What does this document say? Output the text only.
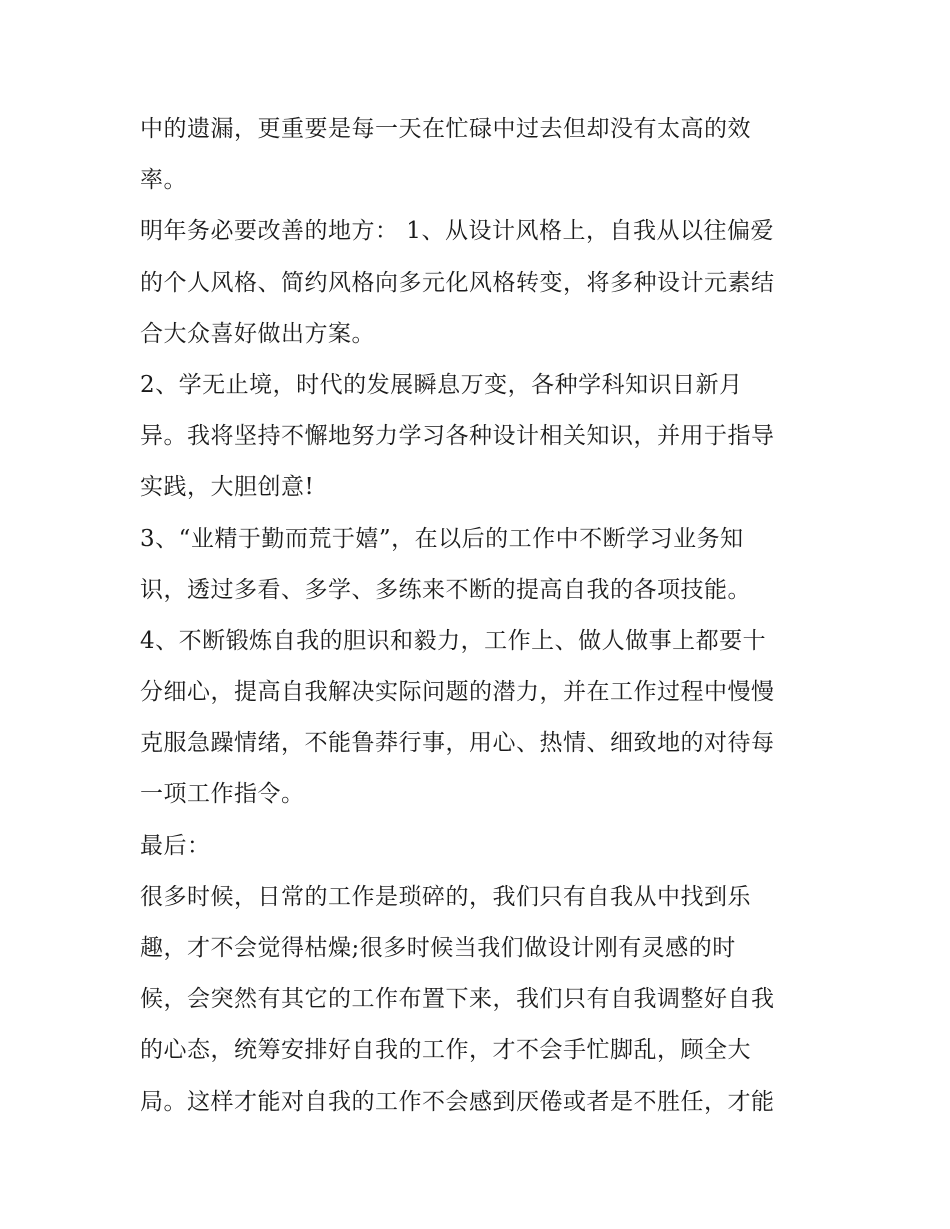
中的遗漏，更重要是每一天在忙碌中过去但却没有太高的效
率。
明年务必要改善的地方： 1、从设计风格上，自我从以往偏爱
的个人风格、简约风格向多元化风格转变，将多种设计元素结
合大众喜好做出方案。
2、学无止境，时代的发展瞬息万变，各种学科知识日新月
异。我将坚持不懈地努力学习各种设计相关知识，并用于指导
实践，大胆创意!
3、“业精于勤而荒于嬉”，在以后的工作中不断学习业务知
识，透过多看、多学、多练来不断的提高自我的各项技能。
4、不断锻炼自我的胆识和毅力，工作上、做人做事上都要十
分细心，提高自我解决实际问题的潜力，并在工作过程中慢慢
克服急躁情绪，不能鲁莽行事，用心、热情、细致地的对待每
一项工作指令。
最后：
很多时候，日常的工作是琐碎的，我们只有自我从中找到乐
趣，才不会觉得枯燥;很多时候当我们做设计刚有灵感的时
候，会突然有其它的工作布置下来，我们只有自我调整好自我
的心态，统筹安排好自我的工作，才不会手忙脚乱，顾全大
局。这样才能对自我的工作不会感到厌倦或者是不胜任，才能
